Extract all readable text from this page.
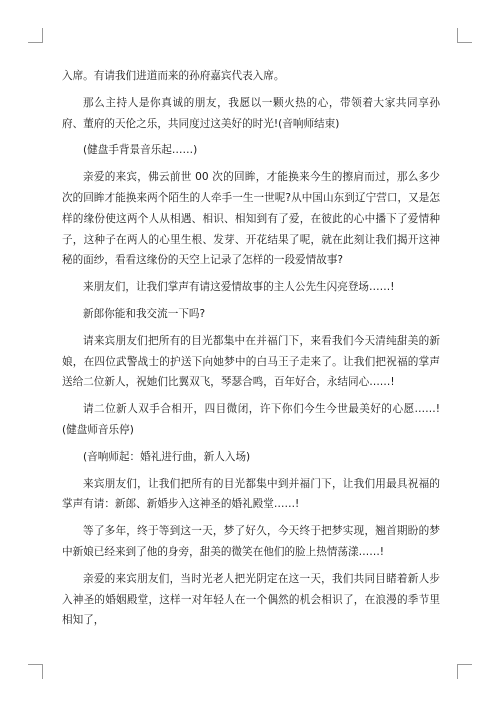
入席。有请我们进道而来的孙府嘉宾代表入席。

那么主持人是你真诚的朋友，我愿以一颗火热的心，带领着大家共同享孙府、董府的天伦之乐，共同度过这美好的时光!(音响师结束)

(健盘手背景音乐起……)

亲爱的来宾，佛云前世 00 次的回眸，才能换来今生的擦肩而过，那么多少次的回眸才能换来两个陌生的人牵手一生一世呢?从中国山东到辽宁营口，又是怎样的缘份使这两个人从相遇、相识、相知到有了爱，在彼此的心中播下了爱情种子，这种子在两人的心里生根、发芽、开花结果了呢，就在此刻让我们揭开这神秘的面纱，看看这缘份的天空上记录了怎样的一段爱情故事?

来朋友们，让我们掌声有请这爱情故事的主人公先生闪亮登场……!

新郎你能和我交流一下吗?

请来宾朋友们把所有的目光都集中在并福门下，来看我们今天清纯甜美的新娘，在四位武警战士的护送下向她梦中的白马王子走来了。让我们把祝福的掌声送给二位新人，祝她们比翼双飞，琴瑟合鸣，百年好合，永结同心……!

请二位新人双手合相开，四目微闭，许下你们今生今世最美好的心愿……!(健盘师音乐停)

(音响师起：婚礼进行曲，新人入场)

来宾朋友们，让我们把所有的目光都集中到并福门下，让我们用最具祝福的掌声有请：新郎、新婚步入这神圣的婚礼殿堂……!

等了多年，终于等到这一天，梦了好久，今天终于把梦实现，翘首期盼的梦中新娘已经来到了他的身旁，甜美的微笑在他们的脸上热情荡漾……!

亲爱的来宾朋友们，当时光老人把光阴定在这一天，我们共同目睹着新人步入神圣的婚姻殿堂，这样一对年轻人在一个偶然的机会相识了，在浪漫的季节里相知了，
